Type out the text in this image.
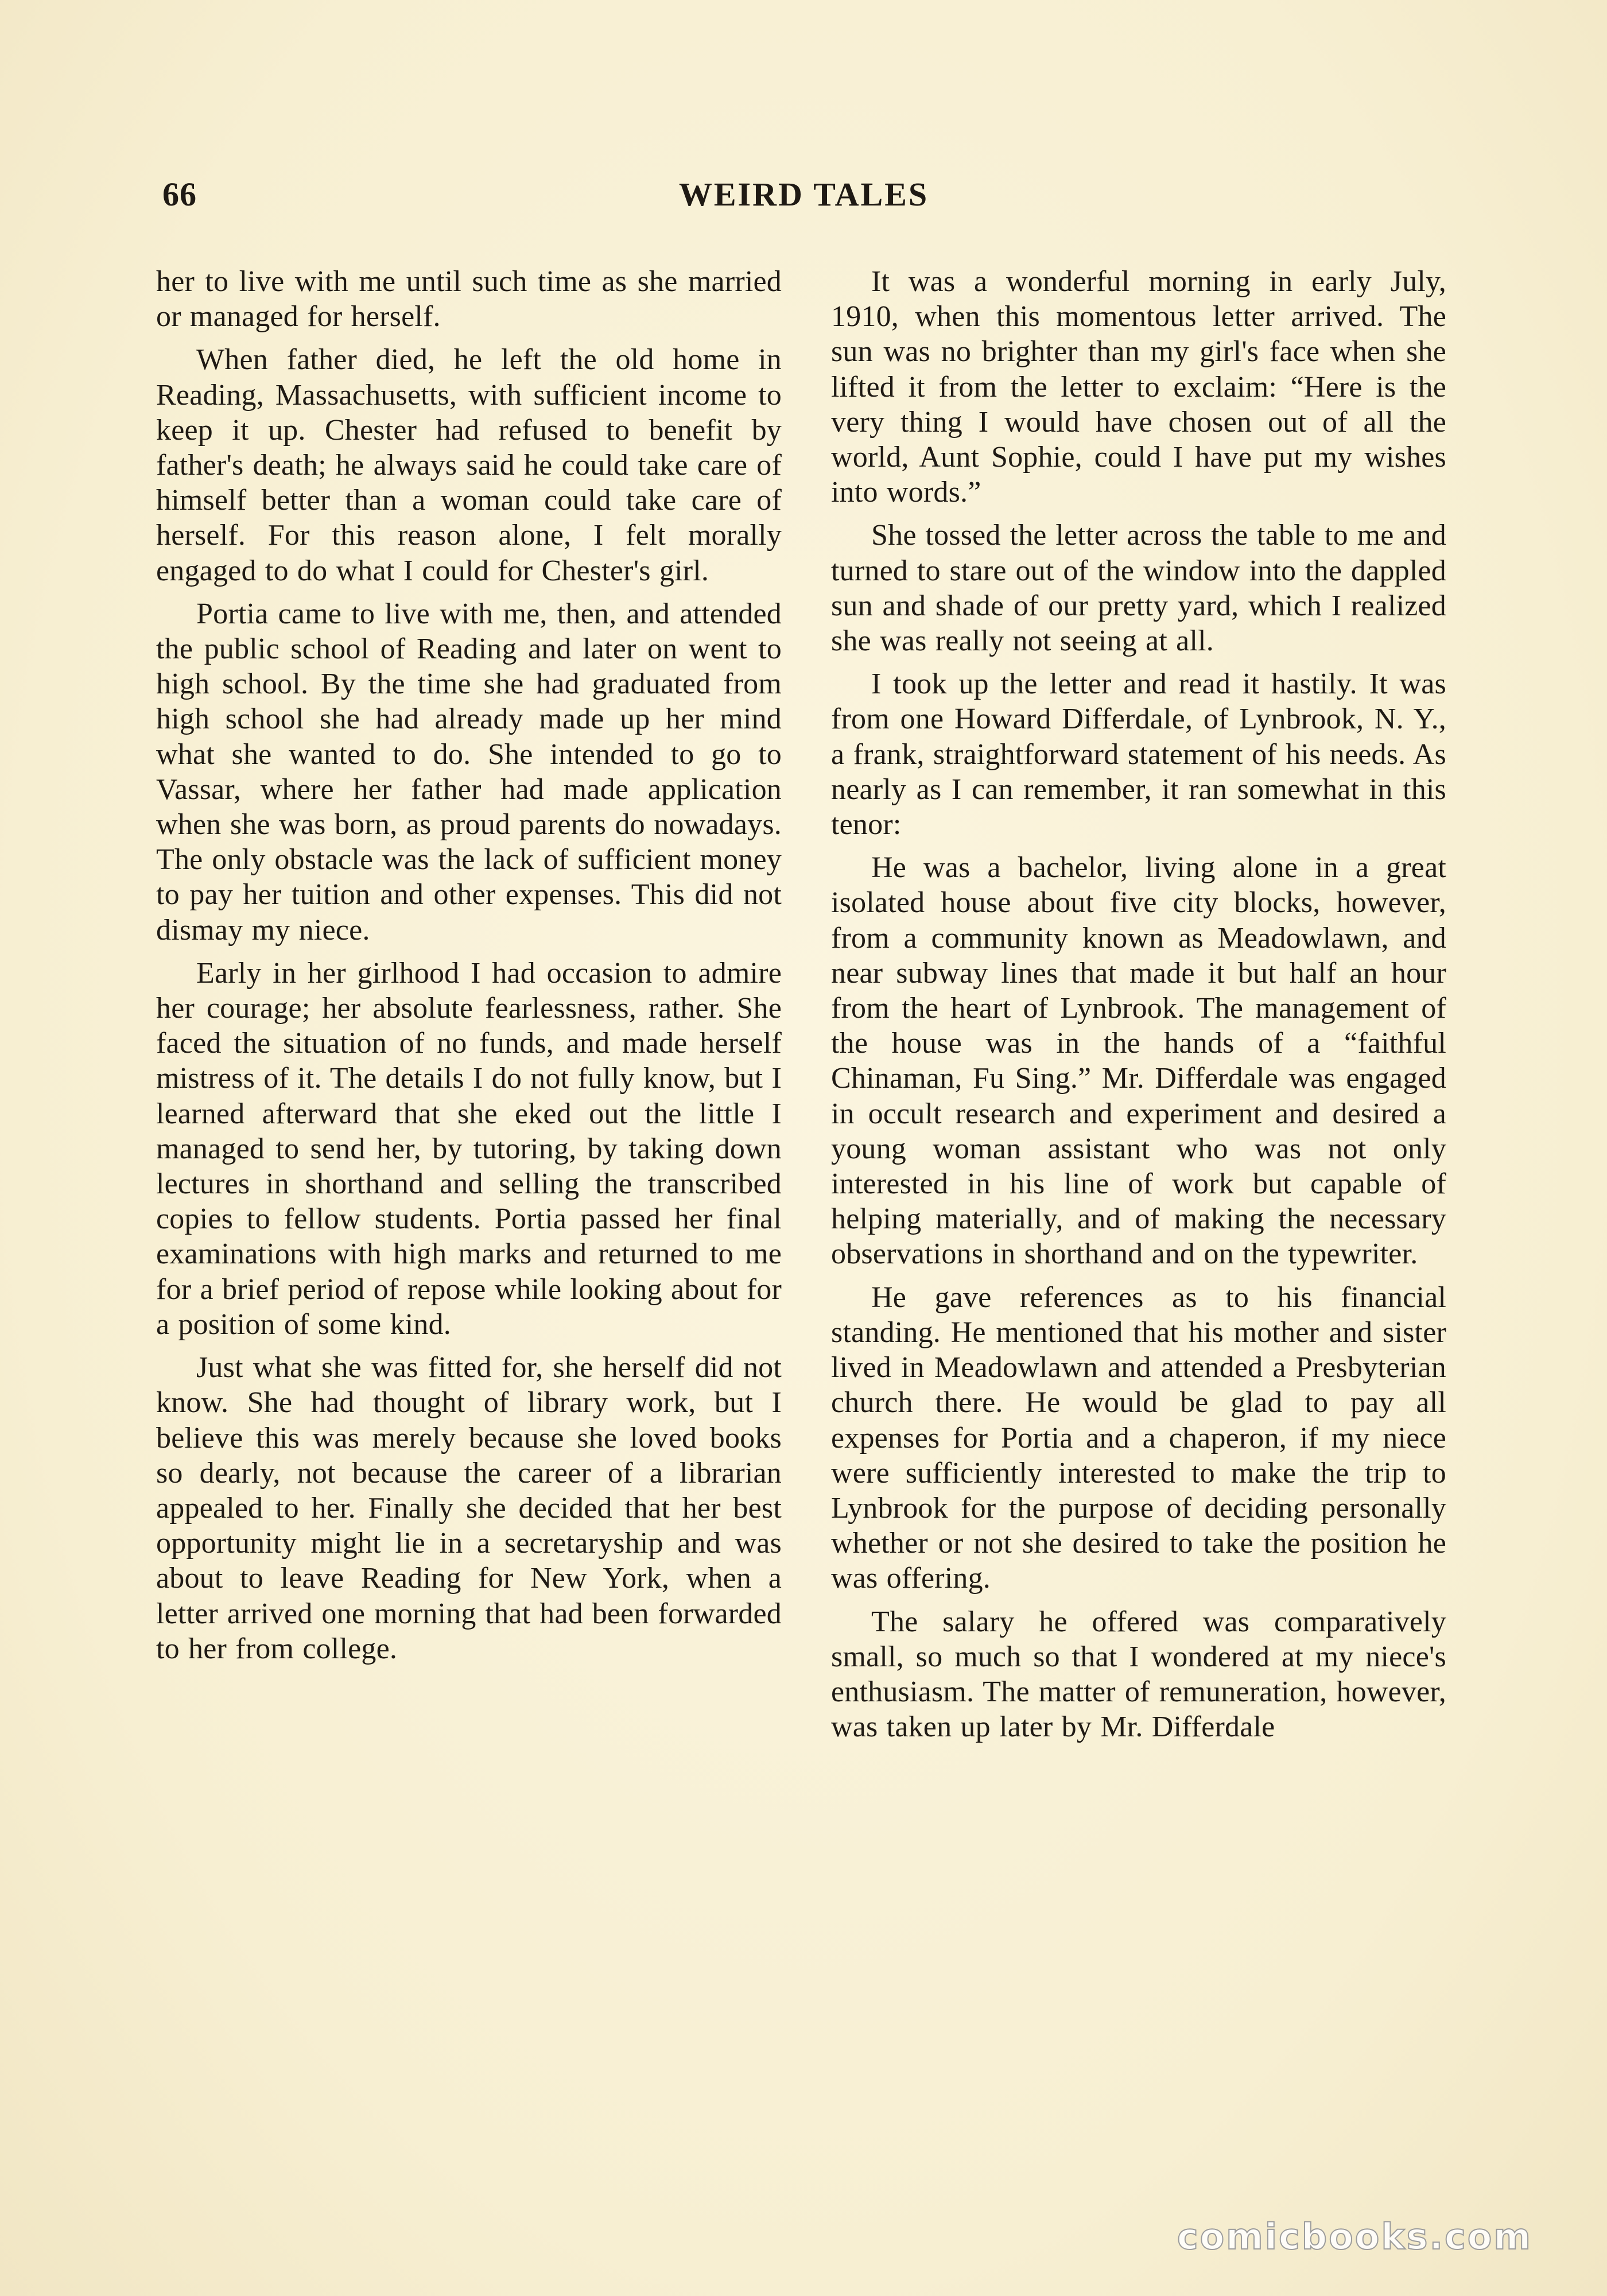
66	WEIRD TALES

her to live with me until such time as she married or managed for herself.

When father died, he left the old home in Reading, Massachusetts, with sufficient income to keep it up. Chester had refused to benefit by father's death; he always said he could take care of himself better than a woman could take care of herself. For this reason alone, I felt morally engaged to do what I could for Chester's girl.

Portia came to live with me, then, and attended the public school of Reading and later on went to high school. By the time she had graduated from high school she had already made up her mind what she wanted to do. She intended to go to Vassar, where her father had made application when she was born, as proud parents do nowadays. The only obstacle was the lack of sufficient money to pay her tuition and other expenses. This did not dismay my niece.

Early in her girlhood I had occasion to admire her courage; her absolute fearlessness, rather. She faced the situation of no funds, and made herself mistress of it. The details I do not fully know, but I learned afterward that she eked out the little I managed to send her, by tutoring, by taking down lectures in shorthand and selling the transcribed copies to fellow students. Portia passed her final examinations with high marks and returned to me for a brief period of repose while looking about for a position of some kind.

Just what she was fitted for, she herself did not know. She had thought of library work, but I believe this was merely because she loved books so dearly, not because the career of a librarian appealed to her. Finally she decided that her best opportunity might lie in a secretaryship and was about to leave Reading for New York, when a letter arrived one morning that had been forwarded to her from college.

It was a wonderful morning in early July, 1910, when this momentous letter arrived. The sun was no brighter than my girl's face when she lifted it from the letter to exclaim: “Here is the very thing I would have chosen out of all the world, Aunt Sophie, could I have put my wishes into words.”

She tossed the letter across the table to me and turned to stare out of the window into the dappled sun and shade of our pretty yard, which I realized she was really not seeing at all.

I took up the letter and read it hastily. It was from one Howard Differdale, of Lynbrook, N. Y., a frank, straightforward statement of his needs. As nearly as I can remember, it ran somewhat in this tenor:

He was a bachelor, living alone in a great isolated house about five city blocks, however, from a community known as Meadowlawn, and near subway lines that made it but half an hour from the heart of Lynbrook. The management of the house was in the hands of a “faithful Chinaman, Fu Sing.” Mr. Differdale was engaged in occult research and experiment and desired a young woman assistant who was not only interested in his line of work but capable of helping materially, and of making the necessary observations in shorthand and on the typewriter.

He gave references as to his financial standing. He mentioned that his mother and sister lived in Meadowlawn and attended a Presbyterian church there. He would be glad to pay all expenses for Portia and a chaperon, if my niece were sufficiently interested to make the trip to Lynbrook for the purpose of deciding personally whether or not she desired to take the position he was offering.

The salary he offered was comparatively small, so much so that I wondered at my niece's enthusiasm. The matter of remuneration, however, was taken up later by Mr. Differdale

comicbooks.com
